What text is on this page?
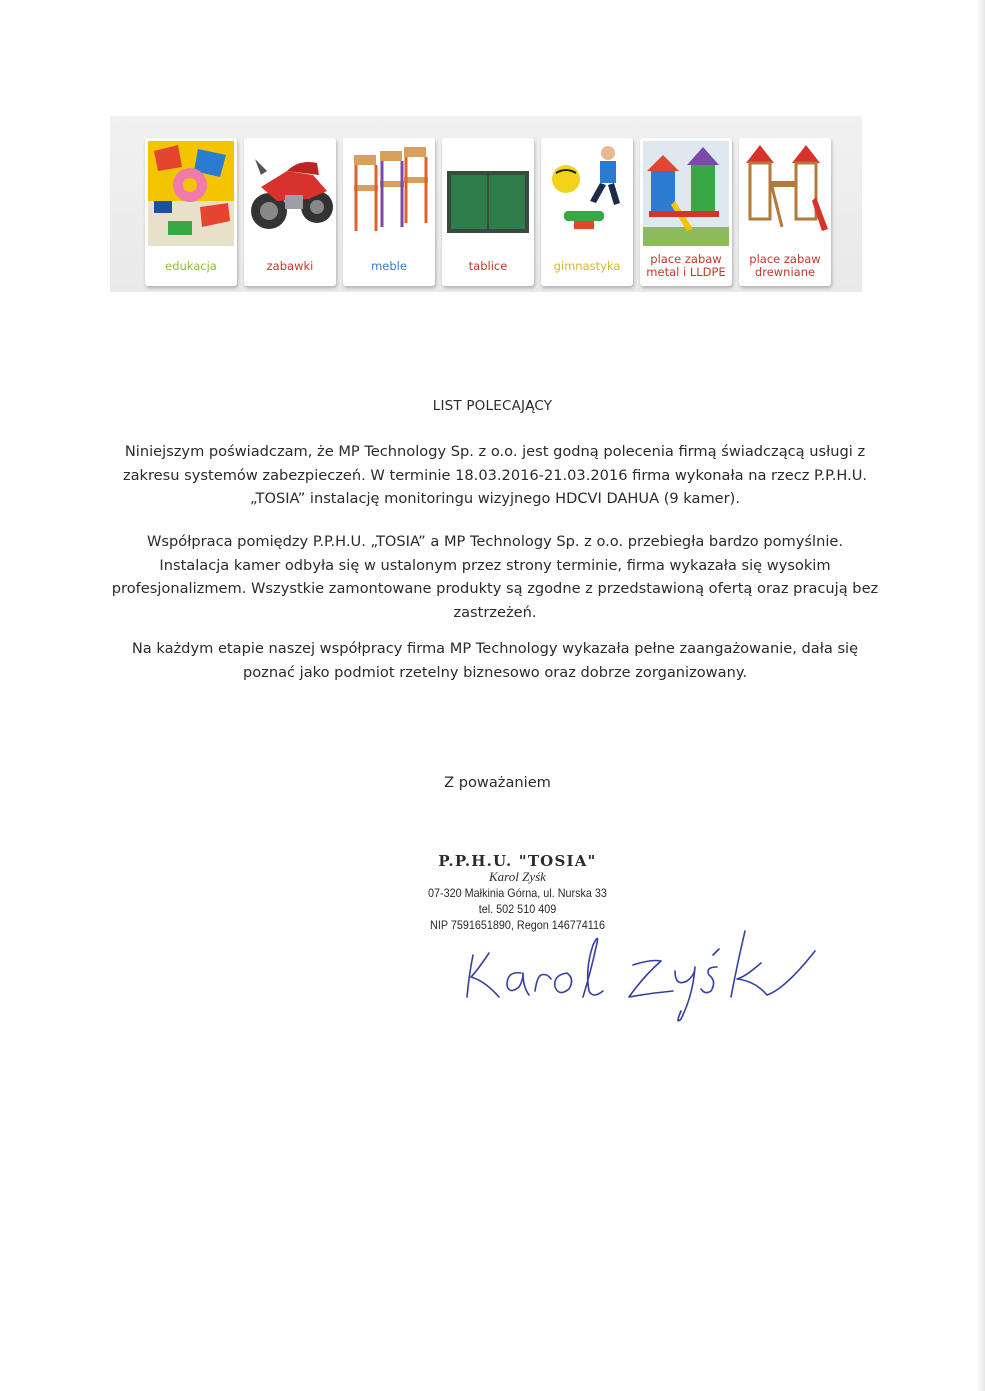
edukacja	zabawki	meble	tablice	gimnastyka	place zabaw
metal i LLDPE
place zabaw
drewniane
LIST POLECAJĄCY
Niniejszym poświadczam, że MP Technology Sp. z o.o. jest godną polecenia firmą świadczącą usługi z zakresu systemów zabezpieczeń. W terminie 18.03.2016-21.03.2016 firma wykonała na rzecz P.P.H.U. „TOSIA” instalację monitoringu wizyjnego HDCVI DAHUA (9 kamer).
Współpraca pomiędzy P.P.H.U. „TOSIA” a MP Technology Sp. z o.o. przebiegła bardzo pomyślnie. Instalacja kamer odbyła się w ustalonym przez strony terminie, firma wykazała się wysokim profesjonalizmem. Wszystkie zamontowane produkty są zgodne z przedstawioną ofertą oraz pracują bez zastrzeżeń.
Na każdym etapie naszej współpracy firma MP Technology wykazała pełne zaangażowanie, dała się poznać jako podmiot rzetelny biznesowo oraz dobrze zorganizowany.
Z poważaniem
P.P.H.U. "TOSIA"
Karol Zyśk
07-320 Małkinia Górna, ul. Nurska 33
tel. 502 510 409
NIP 7591651890, Regon 146774116
